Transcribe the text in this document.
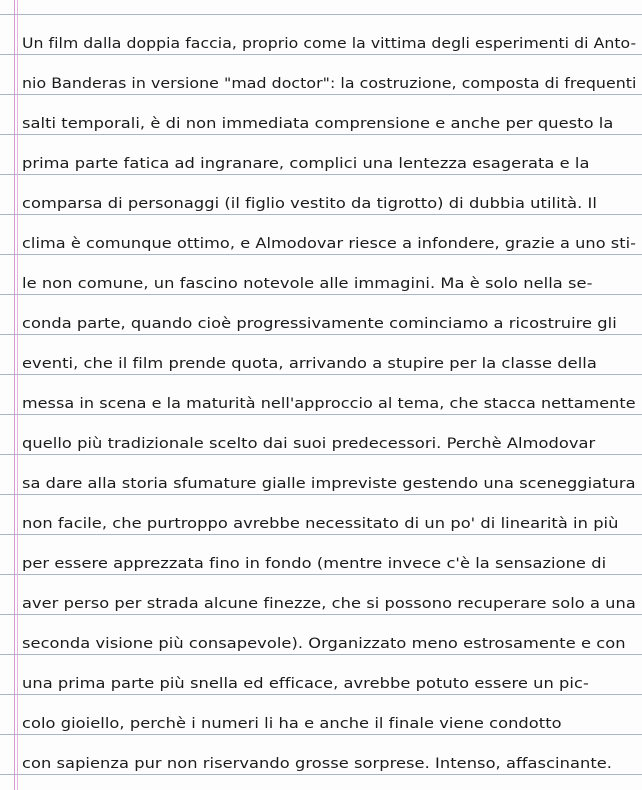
Un film dalla doppia faccia, proprio come la vittima degli esperimenti di Anto-
nio Banderas in versione "mad doctor": la costruzione, composta di frequenti
salti temporali, è di non immediata comprensione e anche per questo la
prima parte fatica ad ingranare, complici una lentezza esagerata e la
comparsa di personaggi (il figlio vestito da tigrotto) di dubbia utilità. Il
clima è comunque ottimo, e Almodovar riesce a infondere, grazie a uno sti-
le non comune, un fascino notevole alle immagini. Ma è solo nella se-
conda parte, quando cioè progressivamente cominciamo a ricostruire gli
eventi, che il film prende quota, arrivando a stupire per la classe della
messa in scena e la maturità nell'approccio al tema, che stacca nettamente
quello più tradizionale scelto dai suoi predecessori. Perchè Almodovar
sa dare alla storia sfumature gialle impreviste gestendo una sceneggiatura
non facile, che purtroppo avrebbe necessitato di un po' di linearità in più
per essere apprezzata fino in fondo (mentre invece c'è la sensazione di
aver perso per strada alcune finezze, che si possono recuperare solo a una
seconda visione più consapevole). Organizzato meno estrosamente e con
una prima parte più snella ed efficace, avrebbe potuto essere un pic-
colo gioiello, perchè i numeri li ha e anche il finale viene condotto
con sapienza pur non riservando grosse sorprese. Intenso, affascinante.
